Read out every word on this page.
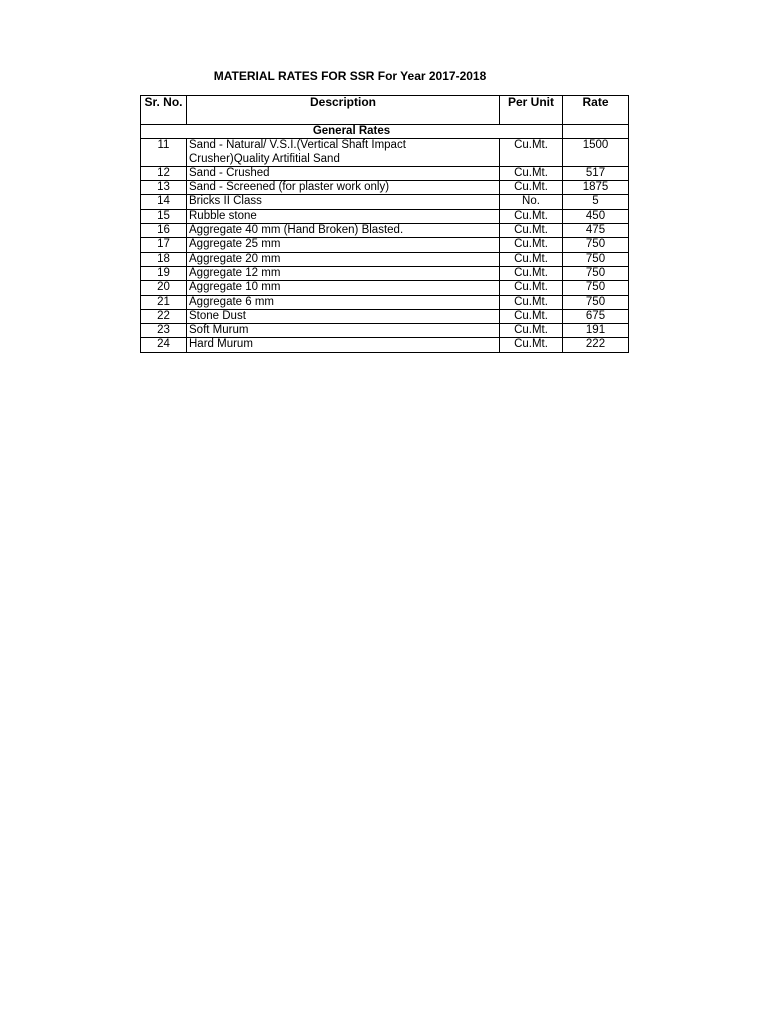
MATERIAL RATES FOR SSR For Year 2017-2018
Sr. No.	Description	Per Unit	Rate
General Rates			
11	Sand - Natural/ V.S.I.(Vertical Shaft Impact
Crusher)Quality Artifitial Sand	Cu.Mt.	1500
12	Sand - Crushed	Cu.Mt.	517
13	Sand - Screened (for plaster work only)	Cu.Mt.	1875
14	Bricks II Class	No.	5
15	Rubble stone	Cu.Mt.	450
16	Aggregate 40 mm (Hand Broken) Blasted.	Cu.Mt.	475
17	Aggregate 25 mm	Cu.Mt.	750
18	Aggregate 20 mm	Cu.Mt.	750
19	Aggregate 12 mm	Cu.Mt.	750
20	Aggregate 10 mm	Cu.Mt.	750
21	Aggregate 6 mm	Cu.Mt.	750
22	Stone Dust	Cu.Mt.	675
23	Soft Murum	Cu.Mt.	191
24	Hard Murum	Cu.Mt.	222
